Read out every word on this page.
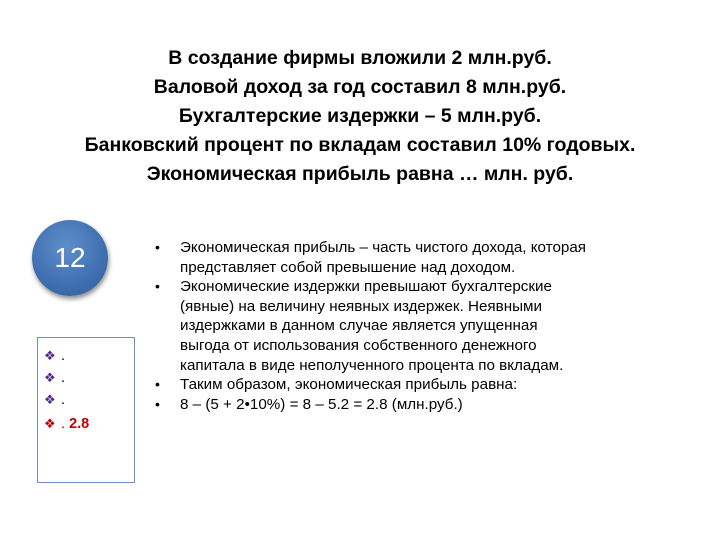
В создание фирмы вложили 2 млн.руб.
Валовой доход за год составил 8 млн.руб.
Бухгалтерские издержки – 5 млн.руб.
Банковский процент по вкладам составил 10% годовых.
Экономическая прибыль равна … млн. руб.
12
❖ .
❖ .
❖ .
❖ . 2.8
• Экономическая прибыль – часть чистого дохода, которая
представляет собой превышение над доходом.
• Экономические издержки превышают бухгалтерские
(явные) на величину неявных издержек. Неявными
издержками в данном случае является упущенная
выгода от использования собственного денежного
капитала в виде неполученного процента по вкладам.
• Таким образом, экономическая прибыль равна:
• 8 – (5 + 2•10%) = 8 – 5.2 = 2.8 (млн.руб.)
